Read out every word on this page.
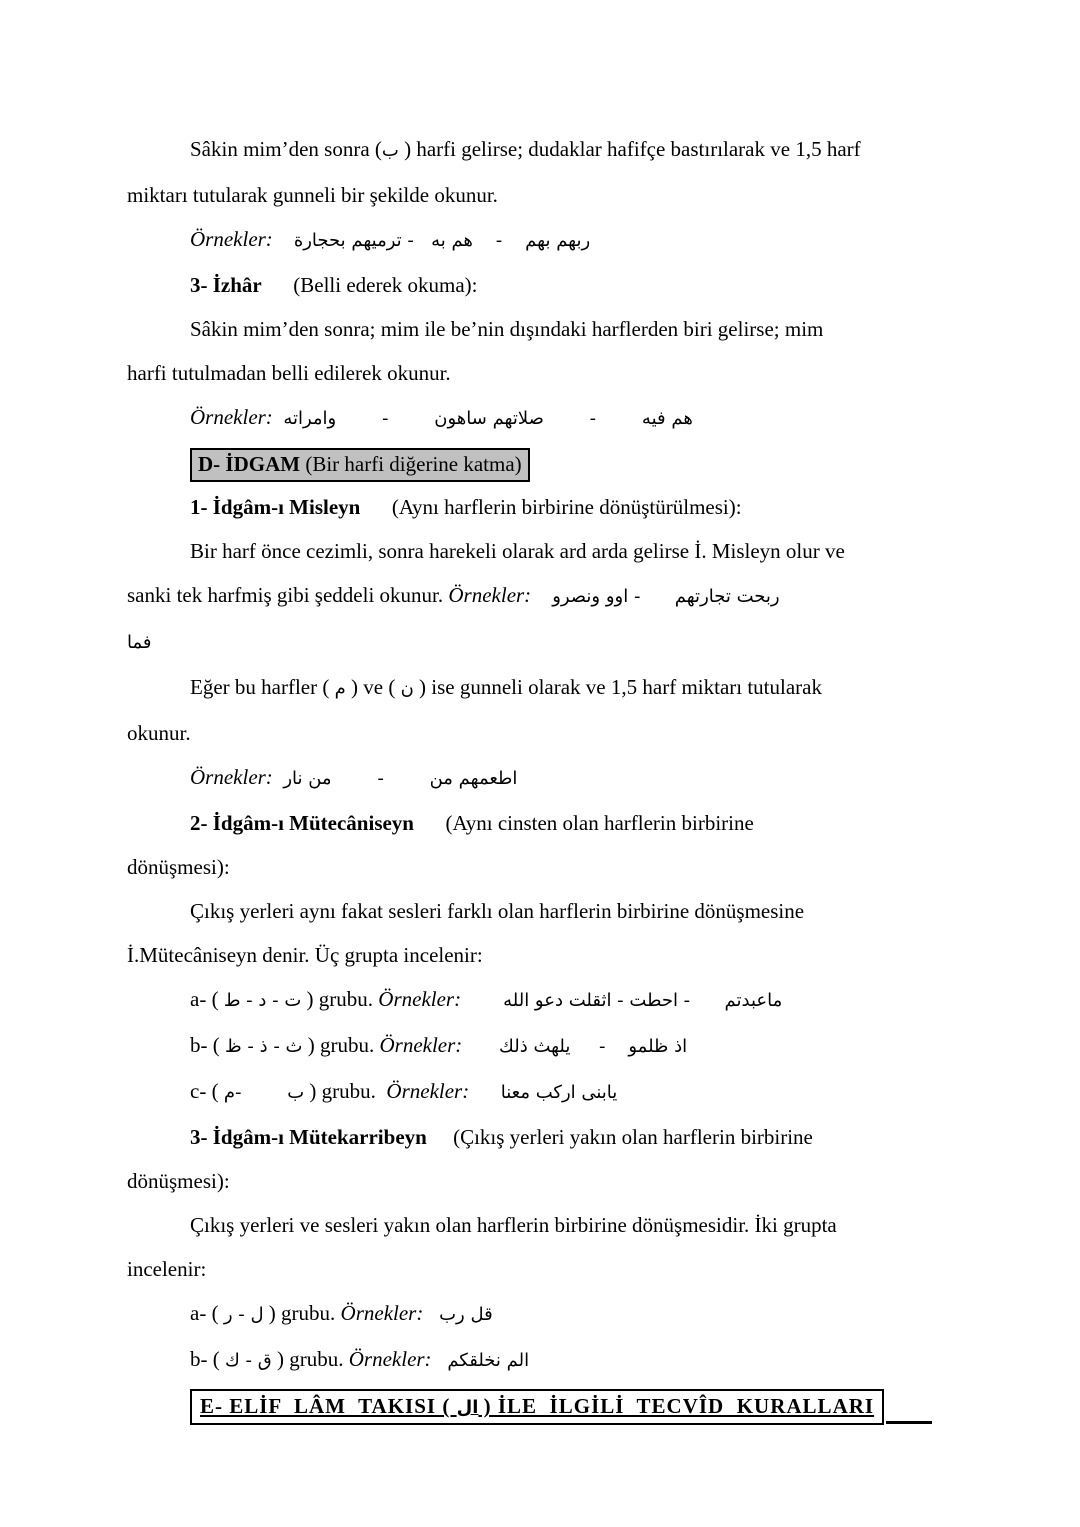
Sâkin mim’den sonra (ب ) harfi gelirse; dudaklar hafifçe bastırılarak ve 1,5 harf
miktarı tutularak gunneli bir şekilde okunur.
Örnekler: ربهم بهم    -    هم به   - ترميهم بحجارة
3- İzhâr      (Belli ederek okuma):
Sâkin mim’den sonra; mim ile be’nin dışındaki harflerden biri gelirse; mim
harfi tutulmadan belli edilerek okunur.
Örnekler: هم فيه        -        صلاتهم ساهون        -        وامراته
D- İDGAM (Bir harfi diğerine katma)
1- İdgâm-ı Misleyn      (Aynı harflerin birbirine dönüştürülmesi):
Bir harf önce cezimli, sonra harekeli olarak ard arda gelirse İ. Misleyn olur ve
sanki tek harfmiş gibi şeddeli okunur. Örnekler: ربحت تجارتهم      - اوو ونصرو
فما
Eğer bu harfler ( م ) ve ( ن ) ise gunneli olarak ve 1,5 harf miktarı tutularak
okunur.
Örnekler: اطعمهم من        -        من نار
2- İdgâm-ı Mütecâniseyn      (Aynı cinsten olan harflerin birbirine
dönüşmesi):
Çıkış yerleri aynı fakat sesleri farklı olan harflerin birbirine dönüşmesine
İ.Mütecâniseyn denir. Üç grupta incelenir:
a- ( ت - د - ط ) grubu. Örnekler: ماعبدتم      - احطت - اثقلت دعو الله
b- ( ث - ذ - ظ ) grubu. Örnekler: اذ ظلمو    -     يلهث ذلك
c- ( ب        -م ) grubu.  Örnekler: يابنى اركب معنا
3- İdgâm-ı Mütekarribeyn     (Çıkış yerleri yakın olan harflerin birbirine
dönüşmesi):
Çıkış yerleri ve sesleri yakın olan harflerin birbirine dönüşmesidir. İki grupta
incelenir:
a- ( ل - ر ) grubu. Örnekler: قل رب
b- ( ق - ك ) grubu. Örnekler: الم نخلقكم
E- ELİF  LÂM  TAKISI ( ال ) İLE  İLGİLİ  TECVÎD  KURALLARI
